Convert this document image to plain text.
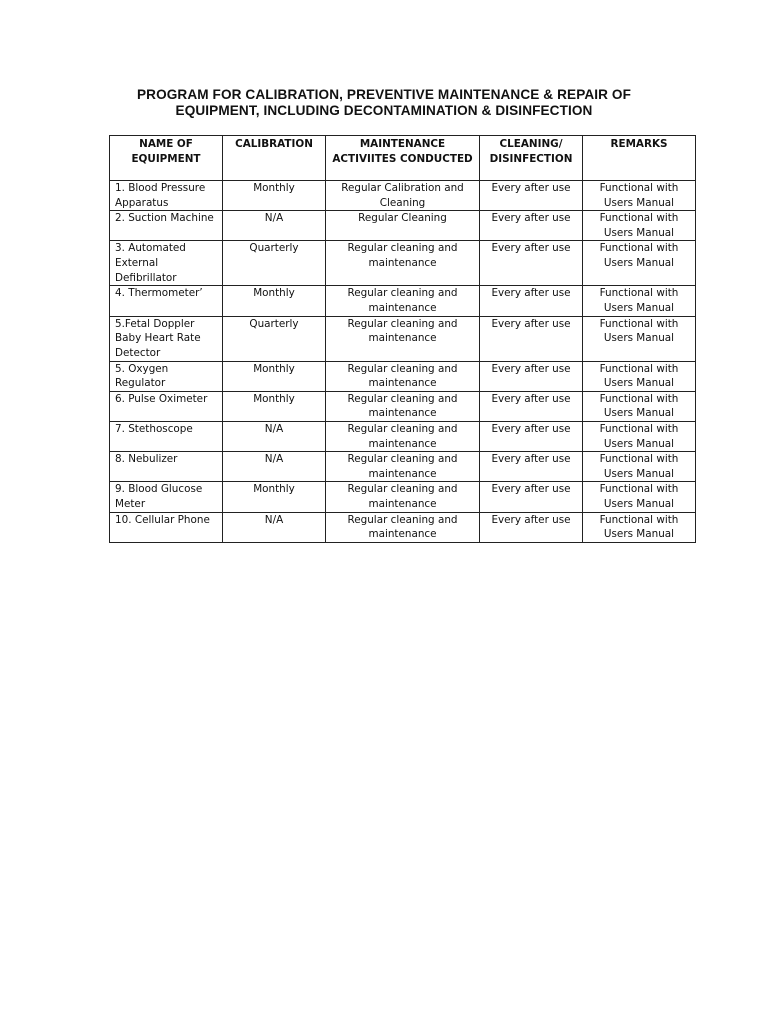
PROGRAM FOR CALIBRATION, PREVENTIVE MAINTENANCE & REPAIR OF
EQUIPMENT, INCLUDING DECONTAMINATION & DISINFECTION
NAME OF EQUIPMENT	CALIBRATION	MAINTENANCE ACTIVIITES CONDUCTED	CLEANING/ DISINFECTION	REMARKS
1. Blood Pressure Apparatus	Monthly	Regular Calibration and Cleaning	Every after use	Functional with Users Manual
2. Suction Machine	N/A	Regular Cleaning	Every after use	Functional with Users Manual
3. Automated External Defibrillator	Quarterly	Regular cleaning and maintenance	Every after use	Functional with Users Manual
4. Thermometer’	Monthly	Regular cleaning and maintenance	Every after use	Functional with Users Manual
5.Fetal Doppler Baby Heart Rate Detector	Quarterly	Regular cleaning and maintenance	Every after use	Functional with Users Manual
5. Oxygen Regulator	Monthly	Regular cleaning and maintenance	Every after use	Functional with Users Manual
6. Pulse Oximeter	Monthly	Regular cleaning and maintenance	Every after use	Functional with Users Manual
7. Stethoscope	N/A	Regular cleaning and maintenance	Every after use	Functional with Users Manual
8. Nebulizer	N/A	Regular cleaning and maintenance	Every after use	Functional with Users Manual
9. Blood Glucose Meter	Monthly	Regular cleaning and maintenance	Every after use	Functional with Users Manual
10. Cellular Phone	N/A	Regular cleaning and maintenance	Every after use	Functional with Users Manual
